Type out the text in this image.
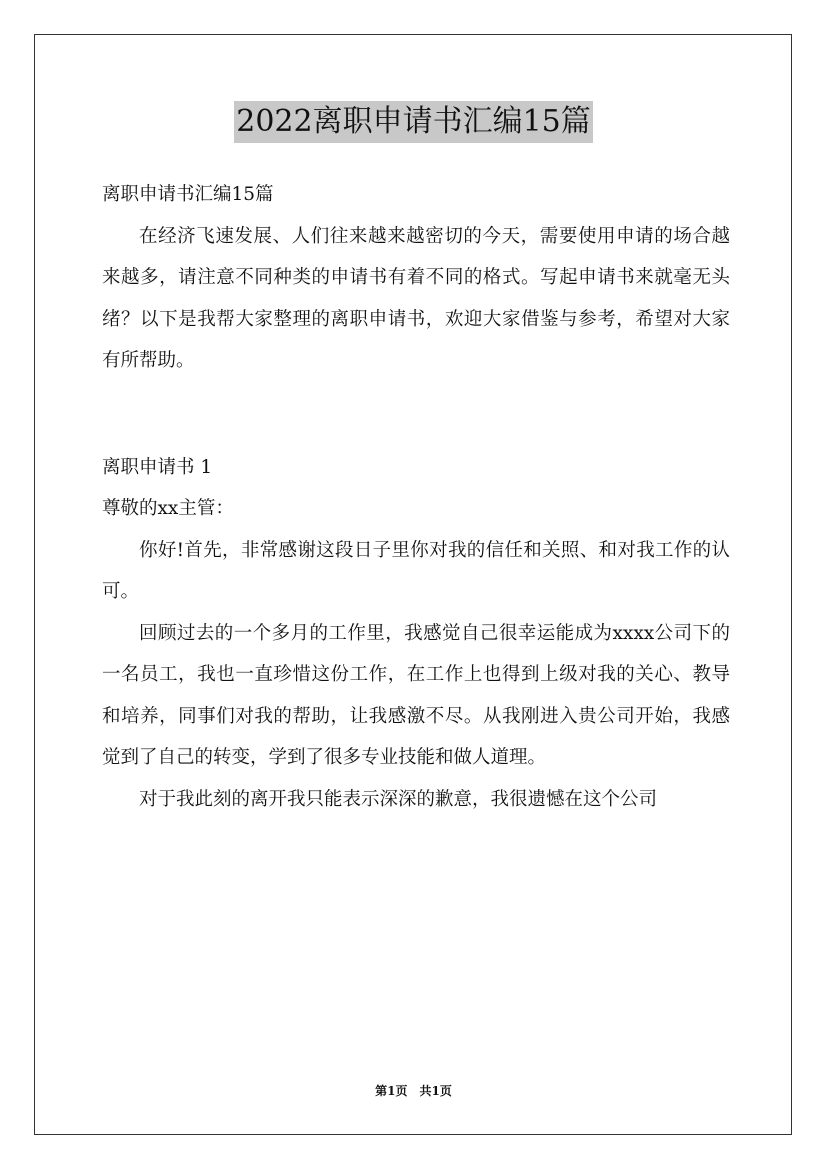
2022离职申请书汇编15篇

离职申请书汇编15篇

在经济飞速发展、人们往来越来越密切的今天，需要使用申请的场合越来越多，请注意不同种类的申请书有着不同的格式。写起申请书来就毫无头绪？以下是我帮大家整理的离职申请书，欢迎大家借鉴与参考，希望对大家有所帮助。

离职申请书 1

尊敬的xx主管：

你好!首先，非常感谢这段日子里你对我的信任和关照、和对我工作的认可。

回顾过去的一个多月的工作里，我感觉自己很幸运能成为xxxx公司下的一名员工，我也一直珍惜这份工作，在工作上也得到上级对我的关心、教导和培养，同事们对我的帮助，让我感激不尽。从我刚进入贵公司开始，我感觉到了自己的转变，学到了很多专业技能和做人道理。

对于我此刻的离开我只能表示深深的歉意，我很遗憾在这个公司

第1页　共1页
